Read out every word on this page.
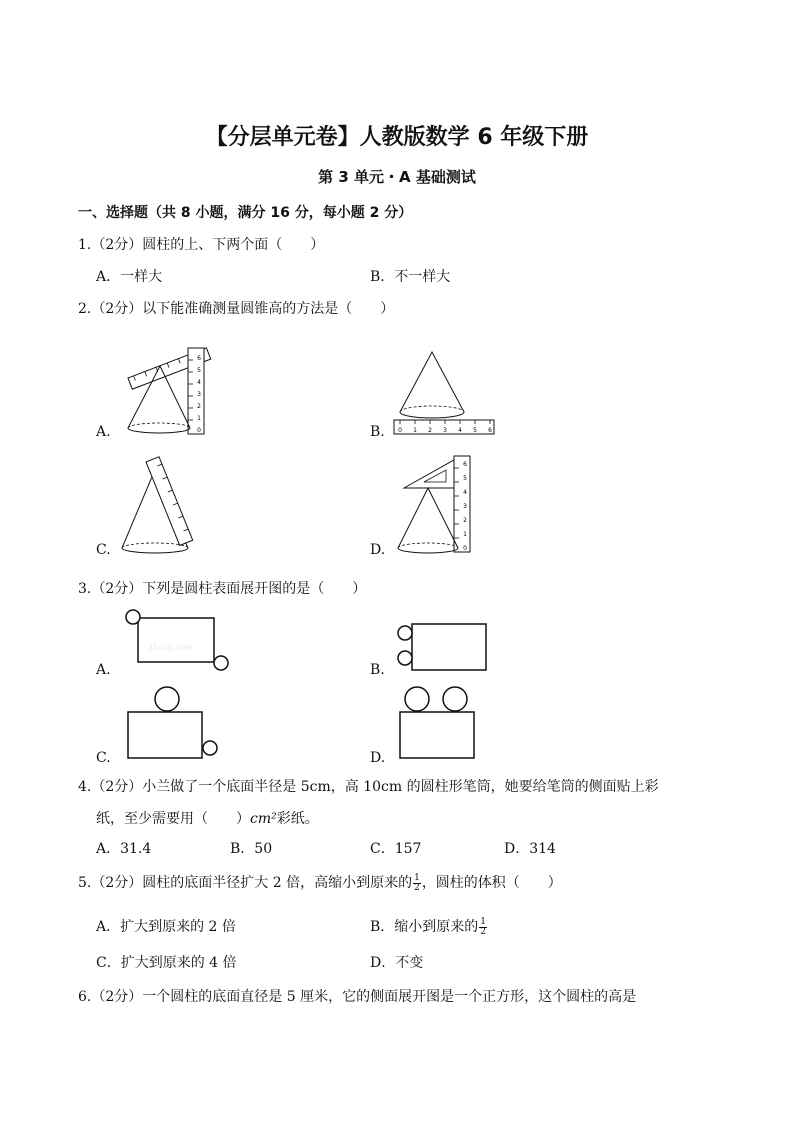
【分层单元卷】人教版数学 6 年级下册
第 3 单元・A 基础测试
一、选择题（共 8 小题，满分 16 分，每小题 2 分）
1.（2分）圆柱的上、下两个面（　　）
A．一样大	B．不一样大
2.（2分）以下能准确测量圆锥高的方法是（　　）
A.	0
1
2
3
4
5
6
B. 0 1 2 3 4 5 6
C.	D.	0
1
2
3
4
5
6
3.（2分）下列是圆柱表面展开图的是（　　）
A.
21cnjy.com
B.
C.	D.
4.（2分）小兰做了一个底面半径是 5cm，高 10cm 的圆柱形笔筒，她要给笔筒的侧面贴上彩
纸，至少需要用（　　）cm²彩纸。
A．31.4	B．50	C．157	D．314
5.（2分）圆柱的底面半径扩大 2 倍，高缩小到原来的 $\frac{1}{2}$ ，圆柱的体积（　　）
A．扩大到原来的 2 倍	B．缩小到原来的 $\frac{1}{2}$
C．扩大到原来的 4 倍	D．不变
6.（2分）一个圆柱的底面直径是 5 厘米，它的侧面展开图是一个正方形，这个圆柱的高是
